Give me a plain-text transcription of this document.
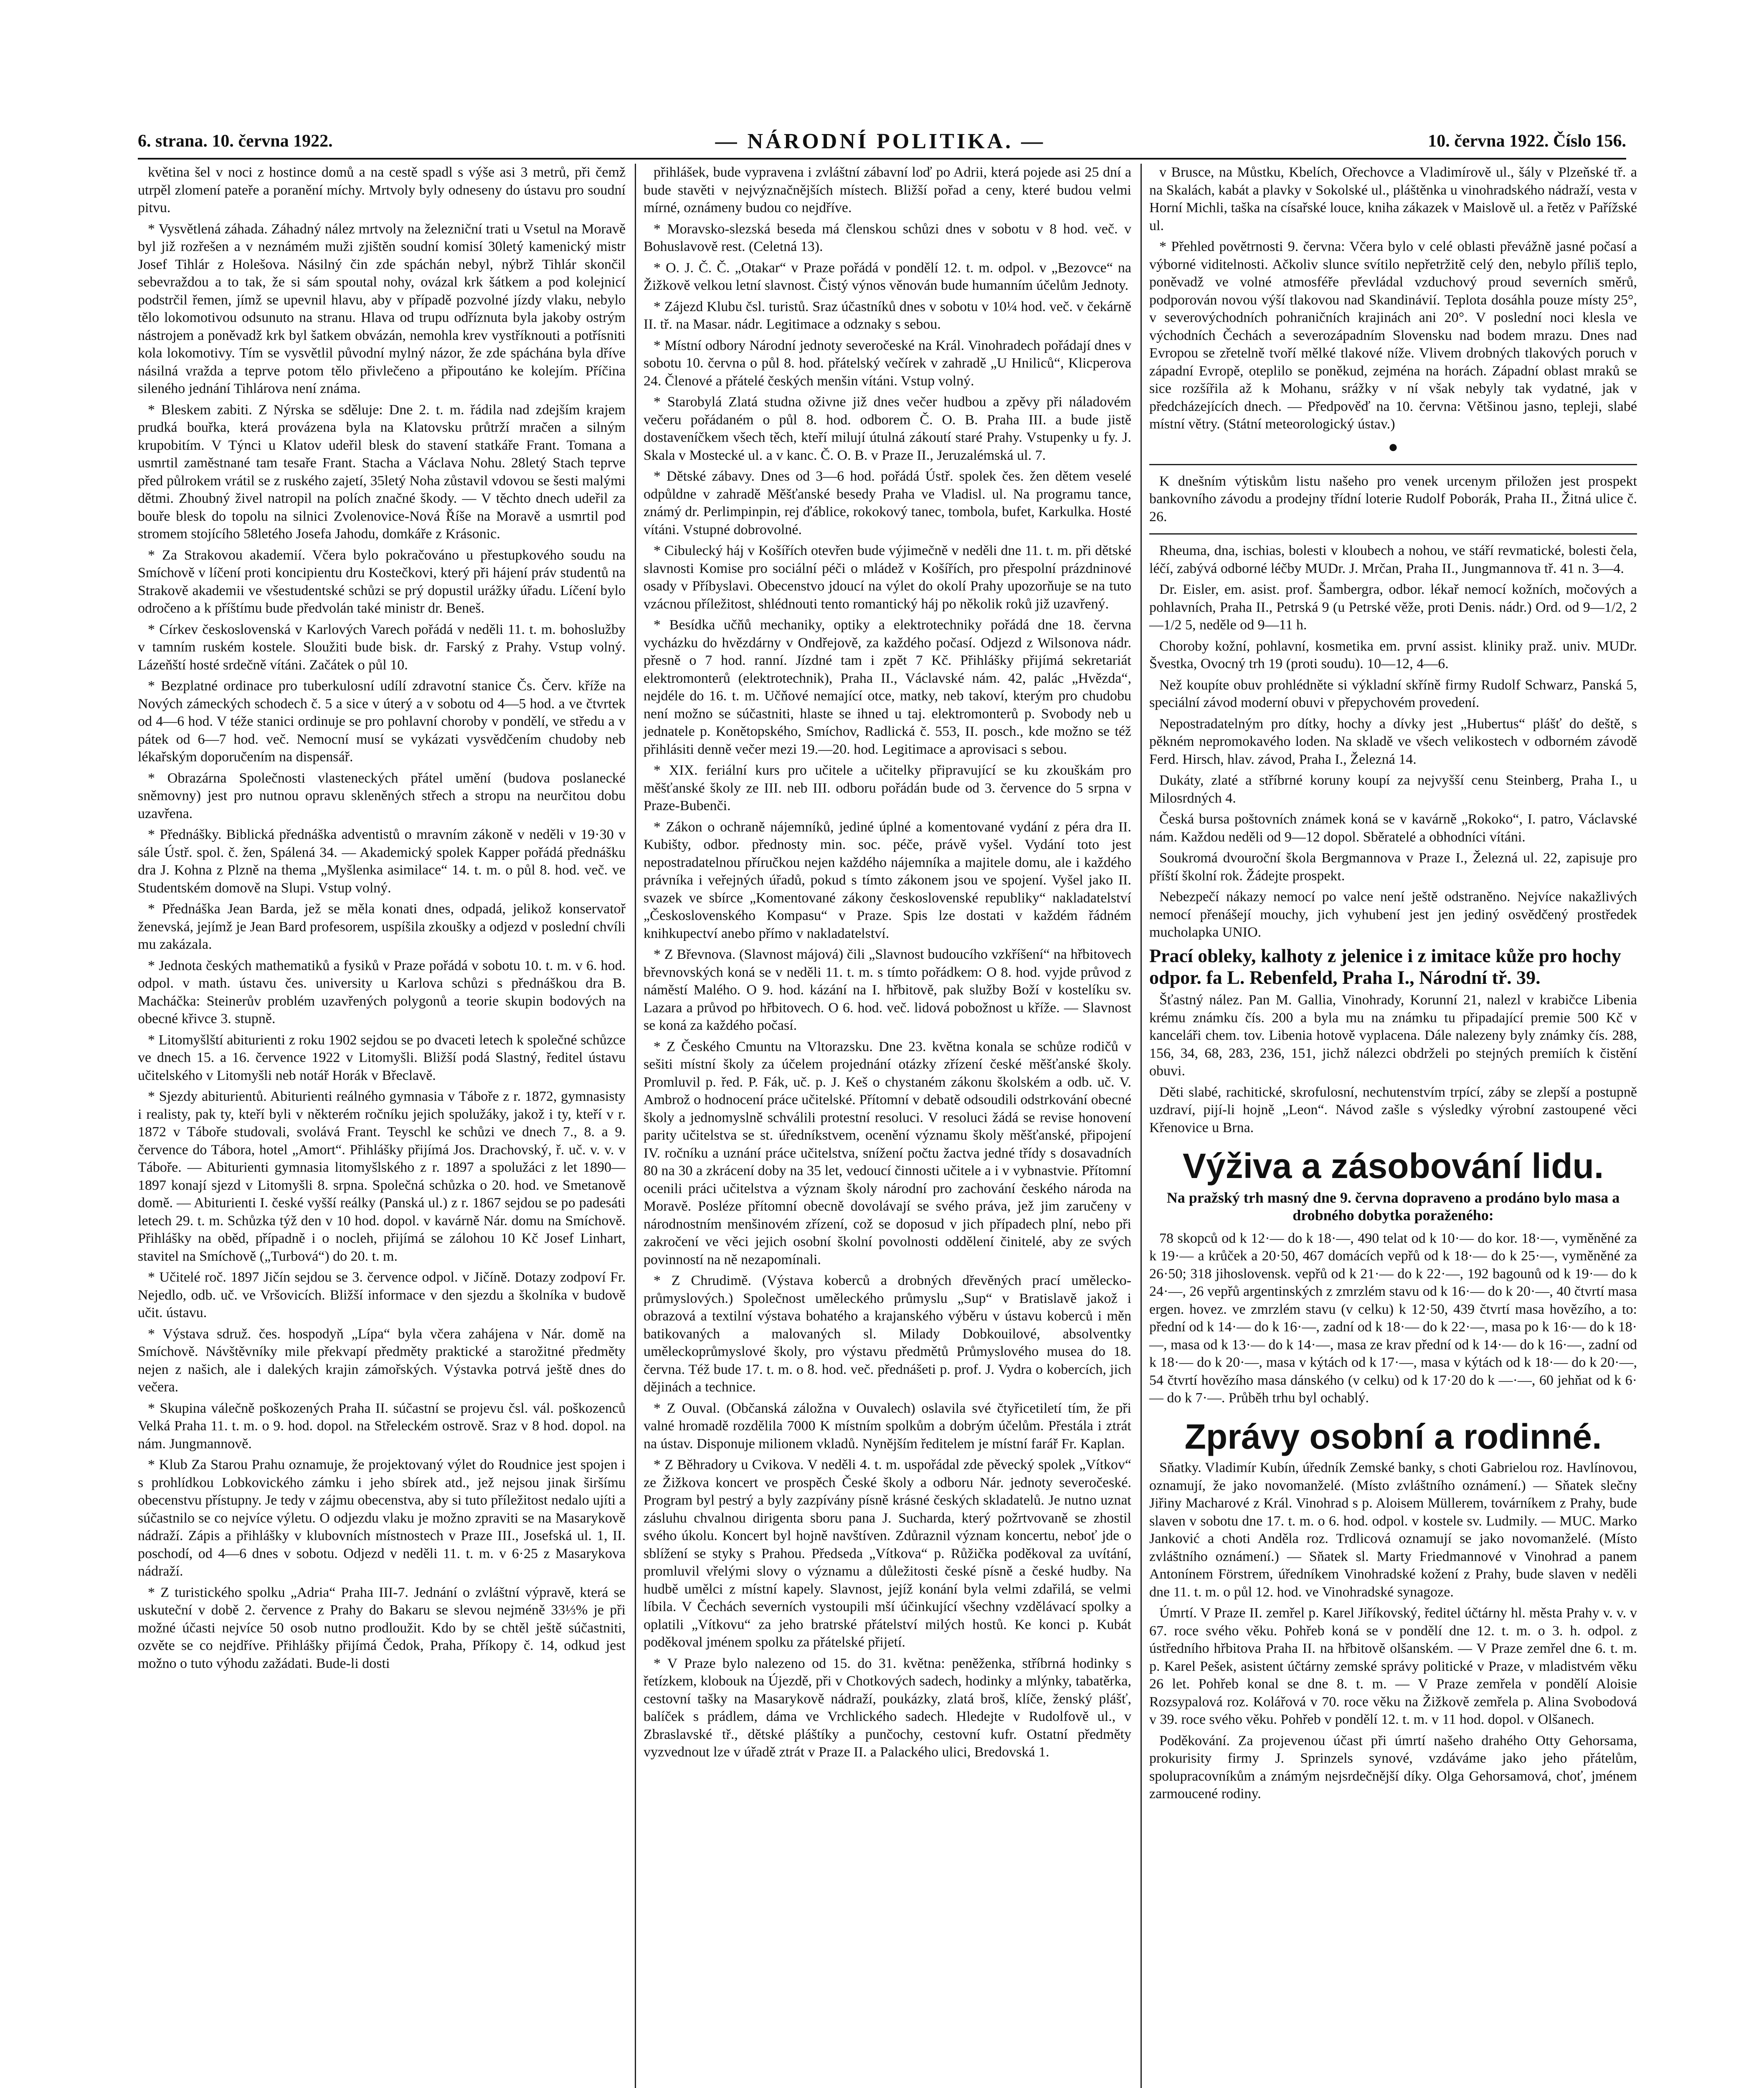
6. strana. 10. června 1922.	— NÁRODNÍ POLITIKA. —	10. června 1922. Číslo 156.

květina šel v noci z hostince domů a na cestě spadl s výše asi 3 metrů, při čemž utrpěl zlomení pateře a poranění míchy. Mrtvoly byly odneseny do ústavu pro soudní pitvu.

* Vysvětlená záhada. Záhadný nález mrtvoly na železniční trati u Vsetul na Moravě byl již rozřešen a v neznámém muži zjištěn soudní komisí 30letý kamenický mistr Josef Tihlár z Holešova. Násilný čin zde spáchán nebyl, nýbrž Tihlár skončil sebevraždou a to tak, že si sám spoutal nohy, ovázal krk šátkem a pod kolejnicí podstrčil řemen, jímž se upevnil hlavu, aby v případě pozvolné jízdy vlaku, nebylo tělo lokomotivou odsunuto na stranu. Hlava od trupu odříznuta byla jakoby ostrým nástrojem a poněvadž krk byl šatkem obvázán, nemohla krev vystříknouti a potřísniti kola lokomotivy. Tím se vysvětlil původní mylný názor, že zde spáchána byla dříve násilná vražda a teprve potom tělo přivlečeno a připoutáno ke kolejím. Příčina sileného jednání Tihlárova není známa.

* Bleskem zabiti. Z Nýrska se sděluje: Dne 2. t. m. řádila nad zdejším krajem prudká bouřka, která provázena byla na Klatovsku průtrží mračen a silným krupobitím. V Týnci u Klatov udeřil blesk do stavení statkáře Frant. Tomana a usmrtil zaměstnané tam tesaře Frant. Stacha a Václava Nohu. 28letý Stach teprve před půlrokem vrátil se z ruského zajetí, 35letý Noha zůstavil vdovou se šesti malými dětmi. Zhoubný živel natropil na polích značné škody. — V těchto dnech udeřil za bouře blesk do topolu na silnici Zvolenovice-Nová Říše na Moravě a usmrtil pod stromem stojícího 58letého Josefa Jahodu, domkáře z Krásonic.

* Za Strakovou akademií. Včera bylo pokračováno u přestupkového soudu na Smíchově v líčení proti koncipientu dru Kostečkovi, který při hájení práv studentů na Strakově akademii ve všestudentské schůzi se prý dopustil urážky úřadu. Líčení bylo odročeno a k příštímu bude předvolán také ministr dr. Beneš.

* Církev československá v Karlových Varech pořádá v neděli 11. t. m. bohoslužby v tamním ruském kostele. Sloužiti bude bisk. dr. Farský z Prahy. Vstup volný. Lázeňští hosté srdečně vítáni. Začátek o půl 10.

* Bezplatné ordinace pro tuberkulosní udílí zdravotní stanice Čs. Červ. kříže na Nových zámeckých schodech č. 5 a sice v úterý a v sobotu od 4—5 hod. a ve čtvrtek od 4—6 hod. V téže stanici ordinuje se pro pohlavní choroby v pondělí, ve středu a v pátek od 6—7 hod. več. Nemocní musí se vykázati vysvědčením chudoby neb lékařským doporučením na dispensář.

* Obrazárna Společnosti vlasteneckých přátel umění (budova poslanecké sněmovny) jest pro nutnou opravu skleněných střech a stropu na neurčitou dobu uzavřena.

* Přednášky. Biblická přednáška adventistů o mravním zákoně v neděli v 19·30 v sále Ústř. spol. č. žen, Spálená 34. — Akademický spolek Kapper pořádá přednášku dra J. Kohna z Plzně na thema „Myšlenka asimilace“ 14. t. m. o půl 8. hod. več. ve Studentském domově na Slupi. Vstup volný.

* Přednáška Jean Barda, jež se měla konati dnes, odpadá, jelikož konservatoř ženevská, jejímž je Jean Bard profesorem, uspíšila zkoušky a odjezd v poslední chvíli mu zakázala.

* Jednota českých mathematiků a fysiků v Praze pořádá v sobotu 10. t. m. v 6. hod. odpol. v math. ústavu čes. university u Karlova schůzi s přednáškou dra B. Macháčka: Steinerův problém uzavřených polygonů a teorie skupin bodových na obecné křivce 3. stupně.

* Litomyšlští abiturienti z roku 1902 sejdou se po dvaceti letech k společné schůzce ve dnech 15. a 16. července 1922 v Litomyšli. Bližší podá Slastný, ředitel ústavu učitelského v Litomyšli neb notář Horák v Břeclavě.

* Sjezdy abiturientů. Abiturienti reálného gymnasia v Táboře z r. 1872, gymnasisty i realisty, pak ty, kteří byli v některém ročníku jejich spolužáky, jakož i ty, kteří v r. 1872 v Táboře studovali, svolává Frant. Teyschl ke schůzi ve dnech 7., 8. a 9. července do Tábora, hotel „Amort“. Přihlášky přijímá Jos. Drachovský, ř. uč. v. v. v Táboře. — Abiturienti gymnasia litomyšlského z r. 1897 a spolužáci z let 1890—1897 konají sjezd v Litomyšli 8. srpna. Společná schůzka o 20. hod. ve Smetanově domě. — Abiturienti I. české vyšší reálky (Panská ul.) z r. 1867 sejdou se po padesáti letech 29. t. m. Schůzka týž den v 10 hod. dopol. v kavárně Nár. domu na Smíchově. Přihlášky na oběd, případně i o nocleh, přijímá se zálohou 10 Kč Josef Linhart, stavitel na Smíchově („Turbová“) do 20. t. m.

* Učitelé roč. 1897 Jičín sejdou se 3. července odpol. v Jičíně. Dotazy zodpoví Fr. Nejedlo, odb. uč. ve Vršovicích. Bližší informace v den sjezdu a školníka v budově učit. ústavu.

* Výstava sdruž. čes. hospodyň „Lípa“ byla včera zahájena v Nár. domě na Smíchově. Návštěvníky mile překvapí předměty praktické a starožitné předměty nejen z našich, ale i dalekých krajin zámořských. Výstavka potrvá ještě dnes do večera.

* Skupina válečně poškozených Praha II. súčastní se projevu čsl. vál. poškozenců Velká Praha 11. t. m. o 9. hod. dopol. na Střeleckém ostrově. Sraz v 8 hod. dopol. na nám. Jungmannově.

* Klub Za Starou Prahu oznamuje, že projektovaný výlet do Roudnice jest spojen i s prohlídkou Lobkovického zámku i jeho sbírek atd., jež nejsou jinak širšímu obecenstvu přístupny. Je tedy v zájmu obecenstva, aby si tuto příležitost nedalo ujíti a súčastnilo se co nejvíce výletu. O odjezdu vlaku je možno zpraviti se na Masarykově nádraží. Zápis a přihlášky v klubovních místnostech v Praze III., Josefská ul. 1, II. poschodí, od 4—6 dnes v sobotu. Odjezd v neděli 11. t. m. v 6·25 z Masarykova nádraží.

* Z turistického spolku „Adria“ Praha III-7. Jednání o zvláštní výpravě, která se uskuteční v době 2. července z Prahy do Bakaru se slevou nejméně 33⅓% je při možné účasti nejvíce 50 osob nutno prodloužit. Kdo by se chtěl ještě súčastniti, ozvěte se co nejdříve. Přihlášky přijímá Čedok, Praha, Příkopy č. 14, odkud jest možno o tuto výhodu zažádati. Bude-li dosti

přihlášek, bude vypravena i zvláštní zábavní loď po Adrii, která pojede asi 25 dní a bude stavěti v nejvýznačnějších místech. Bližší pořad a ceny, které budou velmi mírné, oznámeny budou co nejdříve.

* Moravsko-slezská beseda má členskou schůzi dnes v sobotu v 8 hod. več. v Bohuslavově rest. (Celetná 13).

* O. J. Č. Č. „Otakar“ v Praze pořádá v pondělí 12. t. m. odpol. v „Bezovce“ na Žižkově velkou letní slavnost. Čistý výnos věnován bude humanním účelům Jednoty.

* Zájezd Klubu čsl. turistů. Sraz účastníků dnes v sobotu v 10¼ hod. več. v čekárně II. tř. na Masar. nádr. Legitimace a odznaky s sebou.

* Místní odbory Národní jednoty severočeské na Král. Vinohradech pořádají dnes v sobotu 10. června o půl 8. hod. přátelský večírek v zahradě „U Hniliců“, Klicperova 24. Členové a přátelé českých menšin vítáni. Vstup volný.

* Starobylá Zlatá studna oživne již dnes večer hudbou a zpěvy při náladovém večeru pořádaném o půl 8. hod. odborem Č. O. B. Praha III. a bude jistě dostaveníčkem všech těch, kteří milují útulná zákoutí staré Prahy. Vstupenky u fy. J. Skala v Mostecké ul. a v kanc. Č. O. B. v Praze II., Jeruzalémská ul. 7.

* Dětské zábavy. Dnes od 3—6 hod. pořádá Ústř. spolek čes. žen dětem veselé odpůldne v zahradě Měšťanské besedy Praha ve Vladisl. ul. Na programu tance, známý dr. Perlimpinpin, rej ďáblice, rokokový tanec, tombola, bufet, Karkulka. Hosté vítáni. Vstupné dobrovolné.

* Cibulecký háj v Košířích otevřen bude výjimečně v neděli dne 11. t. m. při dětské slavnosti Komise pro sociální péči o mládež v Košířích, pro přespolní prázdninové osady v Příbyslavi. Obecenstvo jdoucí na výlet do okolí Prahy upozorňuje se na tuto vzácnou příležitost, shlédnouti tento romantický háj po několik roků již uzavřený.

* Besídka učňů mechaniky, optiky a elektrotechniky pořádá dne 18. června vycházku do hvězdárny v Ondřejově, za každého počasí. Odjezd z Wilsonova nádr. přesně o 7 hod. ranní. Jízdné tam i zpět 7 Kč. Přihlášky přijímá sekretariát elektromonterů (elektrotechnik), Praha II., Václavské nám. 42, palác „Hvězda“, nejdéle do 16. t. m. Učňové nemající otce, matky, neb takoví, kterým pro chudobu není možno se súčastniti, hlaste se ihned u taj. elektromonterů p. Svobody neb u jednatele p. Konětopského, Smíchov, Radlická č. 553, II. posch., kde možno se též přihlásiti denně večer mezi 19.—20. hod. Legitimace a aprovisaci s sebou.

* XIX. feriální kurs pro učitele a učitelky připravující se ku zkouškám pro měšťanské školy ze III. neb III. odboru pořádán bude od 3. července do 5 srpna v Praze-Bubenči.

* Zákon o ochraně nájemníků, jediné úplné a komentované vydání z péra dra II. Kubišty, odbor. přednosty min. soc. péče, právě vyšel. Vydání toto jest nepostradatelnou příručkou nejen každého nájemníka a majitele domu, ale i každého právníka i veřejných úřadů, pokud s tímto zákonem jsou ve spojení. Vyšel jako II. svazek ve sbírce „Komentované zákony československé republiky“ nakladatelství „Československého Kompasu“ v Praze. Spis lze dostati v každém řádném knihkupectví anebo přímo v nakladatelství.

* Z Břevnova. (Slavnost májová) čili „Slavnost budoucího vzkříšení“ na hřbitovech břevnovských koná se v neděli 11. t. m. s tímto pořádkem: O 8. hod. vyjde průvod z náměstí Malého. O 9. hod. kázání na I. hřbitově, pak služby Boží v kostelíku sv. Lazara a průvod po hřbitovech. O 6. hod. več. lidová pobožnost u kříže. — Slavnost se koná za každého počasí.

* Z Českého Cmuntu na Vltorazsku. Dne 23. května konala se schůze rodičů v sešiti místní školy za účelem projednání otázky zřízení české měšťanské školy. Promluvil p. řed. P. Fák, uč. p. J. Keš o chystaném zákonu školském a odb. uč. V. Ambrož o hodnocení práce učitelské. Přítomní v debatě odsoudili odstrkování obecné školy a jednomyslně schválili protestní resoluci. V resoluci žádá se revise honovení parity učitelstva se st. úředníkstvem, ocenění významu školy měšťanské, připojení IV. ročníku a uznání práce učitelstva, snížení počtu žactva jedné třídy s dosavadních 80 na 30 a zkrácení doby na 35 let, vedoucí činnosti učitele a i v vybnastvie. Přítomní ocenili práci učitelstva a význam školy národní pro zachování českého národa na Moravě. Posléze přítomní obecně dovolávají se svého práva, jež jim zaručeny v národnostním menšinovém zřízení, což se doposud v jich případech plní, nebo při zakročení ve věci jejich osobní školní povolnosti oddělení činitelé, aby ze svých povinností na ně nezapomínali.

* Z Chrudimě. (Výstava koberců a drobných dřevěných prací umělecko-průmyslových.) Společnost uměleckého průmyslu „Sup“ v Bratislavě jakož i obrazová a textilní výstava bohatého a krajanského výběru v ústavu koberců i měn batikovaných a malovaných sl. Milady Dobkouilové, absolventky uměleckoprůmyslové školy, pro výstavu předmětů Průmyslového musea do 18. června. Též bude 17. t. m. o 8. hod. več. přednášeti p. prof. J. Vydra o kobercích, jich dějinách a technice.

* Z Ouval. (Občanská záložna v Ouvalech) oslavila své čtyřicetiletí tím, že při valné hromadě rozdělila 7000 K místním spolkům a dobrým účelům. Přestála i ztrát na ústav. Disponuje milionem vkladů. Nynějším ředitelem je místní farář Fr. Kaplan.

* Z Běhradory u Cvikova. V neděli 4. t. m. uspořádal zde pěvecký spolek „Vítkov“ ze Žižkova koncert ve prospěch České školy a odboru Nár. jednoty severočeské. Program byl pestrý a byly zazpívány písně krásné českých skladatelů. Je nutno uznat zásluhu chvalnou dirigenta sboru pana J. Sucharda, který požrtvovaně se zhostil svého úkolu. Koncert byl hojně navštíven. Zdůraznil význam koncertu, neboť jde o sblížení se styky s Prahou. Předseda „Vítkova“ p. Růžička poděkoval za uvítání, promluvil vřelými slovy o významu a důležitosti české písně a české hudby. Na hudbě umělci z místní kapely. Slavnost, jejíž konání byla velmi zdařilá, se velmi líbila. V Čechách severních vystoupili mší účinkující všechny vzdělávací spolky a oplatili „Vítkovu“ za jeho bratrské přátelství milých hostů. Ke konci p. Kubát poděkoval jménem spolku za přátelské přijetí.

* V Praze bylo nalezeno od 15. do 31. května: peněženka, stříbrná hodinky s řetízkem, klobouk na Újezdě, při v Chotkových sadech, hodinky a mlýnky, tabatěrka, cestovní tašky na Masarykově nádraží, poukázky, zlatá broš, klíče, ženský plášť, balíček s prádlem, dáma ve Vrchlického sadech. Hledejte v Rudolfově ul., v Zbraslavské tř., dětské pláštíky a punčochy, cestovní kufr. Ostatní předměty vyzvednout lze v úřadě ztrát v Praze II. a Palackého ulici, Bredovská 1.

v Brusce, na Můstku, Kbelích, Ořechovce a Vladimírově ul., šály v Plzeňské tř. a na Skalách, kabát a plavky v Sokolské ul., pláštěnka u vinohradského nádraží, vesta v Horní Michli, taška na císařské louce, kniha zákazek v Maislově ul. a řetěz v Pařížské ul.

* Přehled povětrnosti 9. června: Včera bylo v celé oblasti převážně jasné počasí a výborné viditelnosti. Ačkoliv slunce svítilo nepřetržitě celý den, nebylo příliš teplo, poněvadž ve volné atmosféře převládal vzduchový proud severních směrů, podporován novou výší tlakovou nad Skandinávií. Teplota dosáhla pouze místy 25°, v severovýchodních pohraničních krajinách ani 20°. V poslední noci klesla ve východních Čechách a severozápadním Slovensku nad bodem mrazu. Dnes nad Evropou se zřetelně tvoří mělké tlakové níže. Vlivem drobných tlakových poruch v západní Evropě, oteplilo se poněkud, zejména na horách. Západní oblast mraků se sice rozšířila až k Mohanu, srážky v ní však nebyly tak vydatné, jak v předcházejících dnech. — Předpověď na 10. června: Většinou jasno, tepleji, slabé místní větry. (Státní meteorologický ústav.)

●

K dnešním výtiskům listu našeho pro venek urcenym přiložen jest prospekt bankovního závodu a prodejny třídní loterie Rudolf Poborák, Praha II., Žitná ulice č. 26.

Rheuma, dna, ischias, bolesti v kloubech a nohou, ve stáří revmatické, bolesti čela, léčí, zabývá odborné léčby MUDr. J. Mrčan, Praha II., Jungmannova tř. 41 n. 3—4.

Dr. Eisler, em. asist. prof. Šambergra, odbor. lékař nemocí kožních, močových a pohlavních, Praha II., Petrská 9 (u Petrské věže, proti Denis. nádr.) Ord. od 9—1/2, 2—1/2 5, neděle od 9—11 h.

Choroby kožní, pohlavní, kosmetika em. první assist. kliniky praž. univ. MUDr. Švestka, Ovocný trh 19 (proti soudu). 10—12, 4—6.

Než koupíte obuv prohlédněte si výkladní skříně firmy Rudolf Schwarz, Panská 5, speciální závod moderní obuvi v přepychovém provedení.

Nepostradatelným pro dítky, hochy a dívky jest „Hubertus“ plášť do deště, s pěkném nepromokavého loden. Na skladě ve všech velikostech v odborném závodě Ferd. Hirsch, hlav. závod, Praha I., Železná 14.

Dukáty, zlaté a stříbrné koruny koupí za nejvyšší cenu Steinberg, Praha I., u Milosrdných 4.

Česká bursa poštovních známek koná se v kavárně „Rokoko“, I. patro, Václavské nám. Každou neděli od 9—12 dopol. Sběratelé a obhodníci vítáni.

Soukromá dvouroční škola Bergmannova v Praze I., Železná ul. 22, zapisuje pro příští školní rok. Žádejte prospekt.

Nebezpečí nákazy nemocí po valce není ještě odstraněno. Nejvíce nakažlivých nemocí přenášejí mouchy, jich vyhubení jest jen jediný osvědčený prostředek mucholapka UNIO.

Prací obleky, kalhoty z jelenice i z imitace kůže pro hochy odpor. fa L. Rebenfeld, Praha I., Národní tř. 39.

Šťastný nález. Pan M. Gallia, Vinohrady, Korunní 21, nalezl v krabičce Libenia krému známku čís. 200 a byla mu na známku tu připadající premie 500 Kč v kanceláři chem. tov. Libenia hotově vyplacena. Dále nalezeny byly známky čís. 288, 156, 34, 68, 283, 236, 151, jichž nálezci obdrželi po stejných premiích k čistění obuvi.

Děti slabé, rachitické, skrofulosní, nechutenstvím trpící, záby se zlepší a postupně uzdraví, pijí-li hojně „Leon“. Návod zašle s výsledky výrobní zastoupené věci Křenovice u Brna.

Výživa a zásobování lidu.
Na pražský trh masný dne 9. června dopraveno a prodáno bylo masa a drobného dobytka poraženého:

78 skopců od k 12·— do k 18·—, 490 telat od k 10·— do kor. 18·—, vyměněné za k 19·— a krůček a 20·50, 467 domácích vepřů od k 18·— do k 25·—, vyměněné za 26·50; 318 jihoslovensk. vepřů od k 21·— do k 22·—, 192 bagounů od k 19·— do k 24·—, 26 vepřů argentinských z zmrzlém stavu od k 16·— do k 20·—, 40 čtvrtí masa ergen. hovez. ve zmrzlém stavu (v celku) k 12·50, 439 čtvrtí masa hovězího, a to: přední od k 14·— do k 16·—, zadní od k 18·— do k 22·—, masa po k 16·— do k 18·—, masa od k 13·— do k 14·—, masa ze krav přední od k 14·— do k 16·—, zadní od k 18·— do k 20·—, masa v kýtách od k 17·—, masa v kýtách od k 18·— do k 20·—, 54 čtvrtí hovězího masa dánského (v celku) od k 17·20 do k —·—, 60 jehňat od k 6·— do k 7·—. Průběh trhu byl ochablý.

Zprávy osobní a rodinné.

Sňatky. Vladimír Kubín, úředník Zemské banky, s choti Gabrielou roz. Havlínovou, oznamují, že jako novomanželé. (Místo zvláštního oznámení.) — Sňatek slečny Jiřiny Macharové z Král. Vinohrad s p. Aloisem Müllerem, továrníkem z Prahy, bude slaven v sobotu dne 17. t. m. o 6. hod. odpol. v kostele sv. Ludmily. — MUC. Marko Janković a choti Anděla roz. Trdlicová oznamují se jako novomanželé. (Místo zvláštního oznámení.) — Sňatek sl. Marty Friedmannové v Vinohrad a panem Antonínem Förstrem, úředníkem Vinohradské kožení z Prahy, bude slaven v neděli dne 11. t. m. o půl 12. hod. ve Vinohradské synagoze.

Úmrtí. V Praze II. zemřel p. Karel Jiříkovský, ředitel účtárny hl. města Prahy v. v. v 67. roce svého věku. Pohřeb koná se v pondělí dne 12. t. m. o 3. h. odpol. z ústředního hřbitova Praha II. na hřbitově olšanském. — V Praze zemřel dne 6. t. m. p. Karel Pešek, asistent účtárny zemské správy politické v Praze, v mladistvém věku 26 let. Pohřeb konal se dne 8. t. m. — V Praze zemřela v pondělí Aloisie Rozsypalová roz. Kolářová v 70. roce věku na Žižkově zemřela p. Alina Svobodová v 39. roce svého věku. Pohřeb v pondělí 12. t. m. v 11 hod. dopol. v Olšanech.

Poděkování. Za projevenou účast při úmrtí našeho drahého Otty Gehorsama, prokurisity firmy J. Sprinzels synové, vzdáváme jako jeho přátelům, spolupracovníkům a známým nejsrdečnější díky. Olga Gehorsamová, choť, jménem zarmoucené rodiny.
